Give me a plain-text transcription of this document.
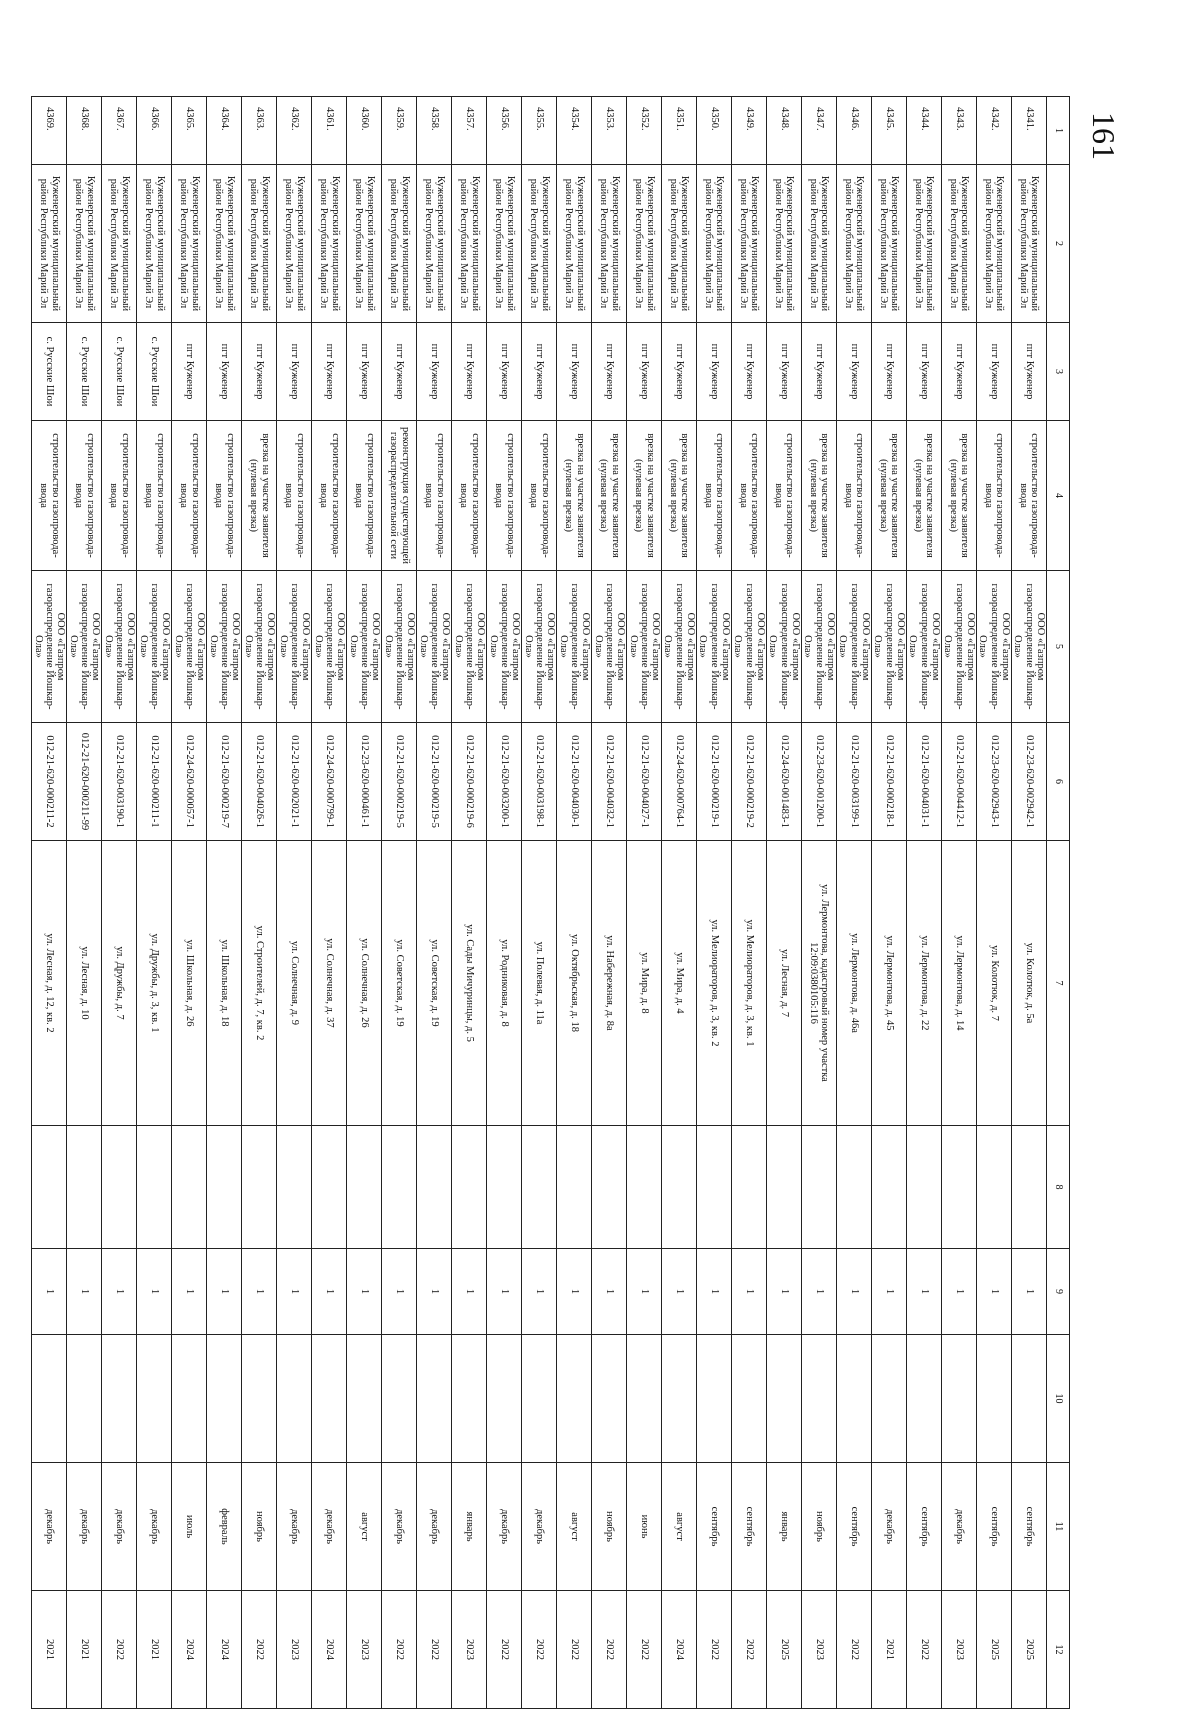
161
1	2	3	4	5	6	7	8	9	10	11	12
4341.	Куженерский муниципальный район Республики Марий Эл	пгт Куженер	строительство газопровода-ввода	ООО «Газпром газораспределение Йошкар-Ола»	012-23-620-002942-1	ул. Колотюк, д. 5а		1		сентябрь	2025
4342.	Куженерский муниципальный район Республики Марий Эл	пгт Куженер	строительство газопровода-ввода	ООО «Газпром газораспределение Йошкар-Ола»	012-23-620-002943-1	ул. Колотюк, д. 7		1		сентябрь	2025
4343.	Куженерский муниципальный район Республики Марий Эл	пгт Куженер	врезка на участке заявителя (нулевая врезка)	ООО «Газпром газораспределение Йошкар-Ола»	012-21-620-004412-1	ул. Лермонтова, д. 14		1		декабрь	2023
4344.	Куженерский муниципальный район Республики Марий Эл	пгт Куженер	врезка на участке заявителя (нулевая врезка)	ООО «Газпром газораспределение Йошкар-Ола»	012-21-620-004031-1	ул. Лермонтова, д. 22		1		сентябрь	2022
4345.	Куженерский муниципальный район Республики Марий Эл	пгт Куженер	врезка на участке заявителя (нулевая врезка)	ООО «Газпром газораспределение Йошкар-Ола»	012-21-620-000218-1	ул. Лермонтова, д. 45		1		декабрь	2021
4346.	Куженерский муниципальный район Республики Марий Эл	пгт Куженер	строительство газопровода-ввода	ООО «Газпром газораспределение Йошкар-Ола»	012-21-620-003199-1	ул. Лермонтова, д. 46а		1		сентябрь	2022
4347.	Куженерский муниципальный район Республики Марий Эл	пгт Куженер	врезка на участке заявителя (нулевая врезка)	ООО «Газпром газораспределение Йошкар-Ола»	012-23-620-001200-1	ул. Лермонтова, кадастровый номер участка 12:09:0380105:116		1		ноябрь	2023
4348.	Куженерский муниципальный район Республики Марий Эл	пгт Куженер	строительство газопровода-ввода	ООО «Газпром газораспределение Йошкар-Ола»	012-24-620-001483-1	ул. Лесная, д. 7		1		январь	2025
4349.	Куженерский муниципальный район Республики Марий Эл	пгт Куженер	строительство газопровода-ввода	ООО «Газпром газораспределение Йошкар-Ола»	012-21-620-000219-2	ул. Мелиораторов, д. 3, кв. 1		1		сентябрь	2022
4350.	Куженерский муниципальный район Республики Марий Эл	пгт Куженер	строительство газопровода-ввода	ООО «Газпром газораспределение Йошкар-Ола»	012-21-620-000219-1	ул. Мелиораторов, д. 3, кв. 2		1		сентябрь	2022
4351.	Куженерский муниципальный район Республики Марий Эл	пгт Куженер	врезка на участке заявителя (нулевая врезка)	ООО «Газпром газораспределение Йошкар-Ола»	012-24-620-000764-1	ул. Мира, д. 4		1		август	2024
4352.	Куженерский муниципальный район Республики Марий Эл	пгт Куженер	врезка на участке заявителя (нулевая врезка)	ООО «Газпром газораспределение Йошкар-Ола»	012-21-620-004027-1	ул. Мира, д. 8		1		июнь	2022
4353.	Куженерский муниципальный район Республики Марий Эл	пгт Куженер	врезка на участке заявителя (нулевая врезка)	ООО «Газпром газораспределение Йошкар-Ола»	012-21-620-004032-1	ул. Набережная, д. 8а		1		ноябрь	2022
4354.	Куженерский муниципальный район Республики Марий Эл	пгт Куженер	врезка на участке заявителя (нулевая врезка)	ООО «Газпром газораспределение Йошкар-Ола»	012-21-620-004030-1	ул. Октябрьская, д. 18		1		август	2022
4355.	Куженерский муниципальный район Республики Марий Эл	пгт Куженер	строительство газопровода-ввода	ООО «Газпром газораспределение Йошкар-Ола»	012-21-620-003198-1	ул. Полевая, д. 11а		1		декабрь	2022
4356.	Куженерский муниципальный район Республики Марий Эл	пгт Куженер	строительство газопровода-ввода	ООО «Газпром газораспределение Йошкар-Ола»	012-21-620-003200-1	ул. Родниковая, д. 8		1		декабрь	2022
4357.	Куженерский муниципальный район Республики Марий Эл	пгт Куженер	строительство газопровода-ввода	ООО «Газпром газораспределение Йошкар-Ола»	012-21-620-000219-6	ул. Сады Мичуринцы, д. 5		1		январь	2023
4358.	Куженерский муниципальный район Республики Марий Эл	пгт Куженер	строительство газопровода-ввода	ООО «Газпром газораспределение Йошкар-Ола»	012-21-620-000219-5	ул. Советская, д. 19		1		декабрь	2022
4359.	Куженерский муниципальный район Республики Марий Эл	пгт Куженер	реконструкция существующей газораспределительной сети	ООО «Газпром газораспределение Йошкар-Ола»	012-21-620-000219-5	ул. Советская, д. 19		1		декабрь	2022
4360.	Куженерский муниципальный район Республики Марий Эл	пгт Куженер	строительство газопровода-ввода	ООО «Газпром газораспределение Йошкар-Ола»	012-23-620-000461-1	ул. Солнечная, д. 26		1		август	2023
4361.	Куженерский муниципальный район Республики Марий Эл	пгт Куженер	строительство газопровода-ввода	ООО «Газпром газораспределение Йошкар-Ола»	012-24-620-000799-1	ул. Солнечная, д. 37		1		декабрь	2024
4362.	Куженерский муниципальный район Республики Марий Эл	пгт Куженер	строительство газопровода-ввода	ООО «Газпром газораспределение Йошкар-Ола»	012-21-620-002021-1	ул. Солнечная, д. 9		1		декабрь	2023
4363.	Куженерский муниципальный район Республики Марий Эл	пгт Куженер	врезка на участке заявителя (нулевая врезка)	ООО «Газпром газораспределение Йошкар-Ола»	012-21-620-004026-1	ул. Строителей, д. 7, кв. 2		1		ноябрь	2022
4364.	Куженерский муниципальный район Республики Марий Эл	пгт Куженер	строительство газопровода-ввода	ООО «Газпром газораспределение Йошкар-Ола»	012-21-620-000219-7	ул. Школьная, д. 18		1		февраль	2024
4365.	Куженерский муниципальный район Республики Марий Эл	пгт Куженер	строительство газопровода-ввода	ООО «Газпром газораспределение Йошкар-Ола»	012-24-620-000057-1	ул. Школьная, д. 26		1		июль	2024
4366.	Куженерский муниципальный район Республики Марий Эл	с. Русские Шои	строительство газопровода-ввода	ООО «Газпром газораспределение Йошкар-Ола»	012-21-620-000211-1	ул. Дружбы, д. 3, кв. 1		1		декабрь	2021
4367.	Куженерский муниципальный район Республики Марий Эл	с. Русские Шои	строительство газопровода-ввода	ООО «Газпром газораспределение Йошкар-Ола»	012-21-620-003190-1	ул. Дружбы, д. 7		1		декабрь	2022
4368.	Куженерский муниципальный район Республики Марий Эл	с. Русские Шои	строительство газопровода-ввода	ООО «Газпром газораспределение Йошкар-Ола»	012-21-620-000211-99	ул. Лесная, д. 10		1		декабрь	2021
4369.	Куженерский муниципальный район Республики Марий Эл	с. Русские Шои	строительство газопровода-ввода	ООО «Газпром газораспределение Йошкар-Ола»	012-21-620-000211-2	ул. Лесная, д. 12, кв. 2		1		декабрь	2021
